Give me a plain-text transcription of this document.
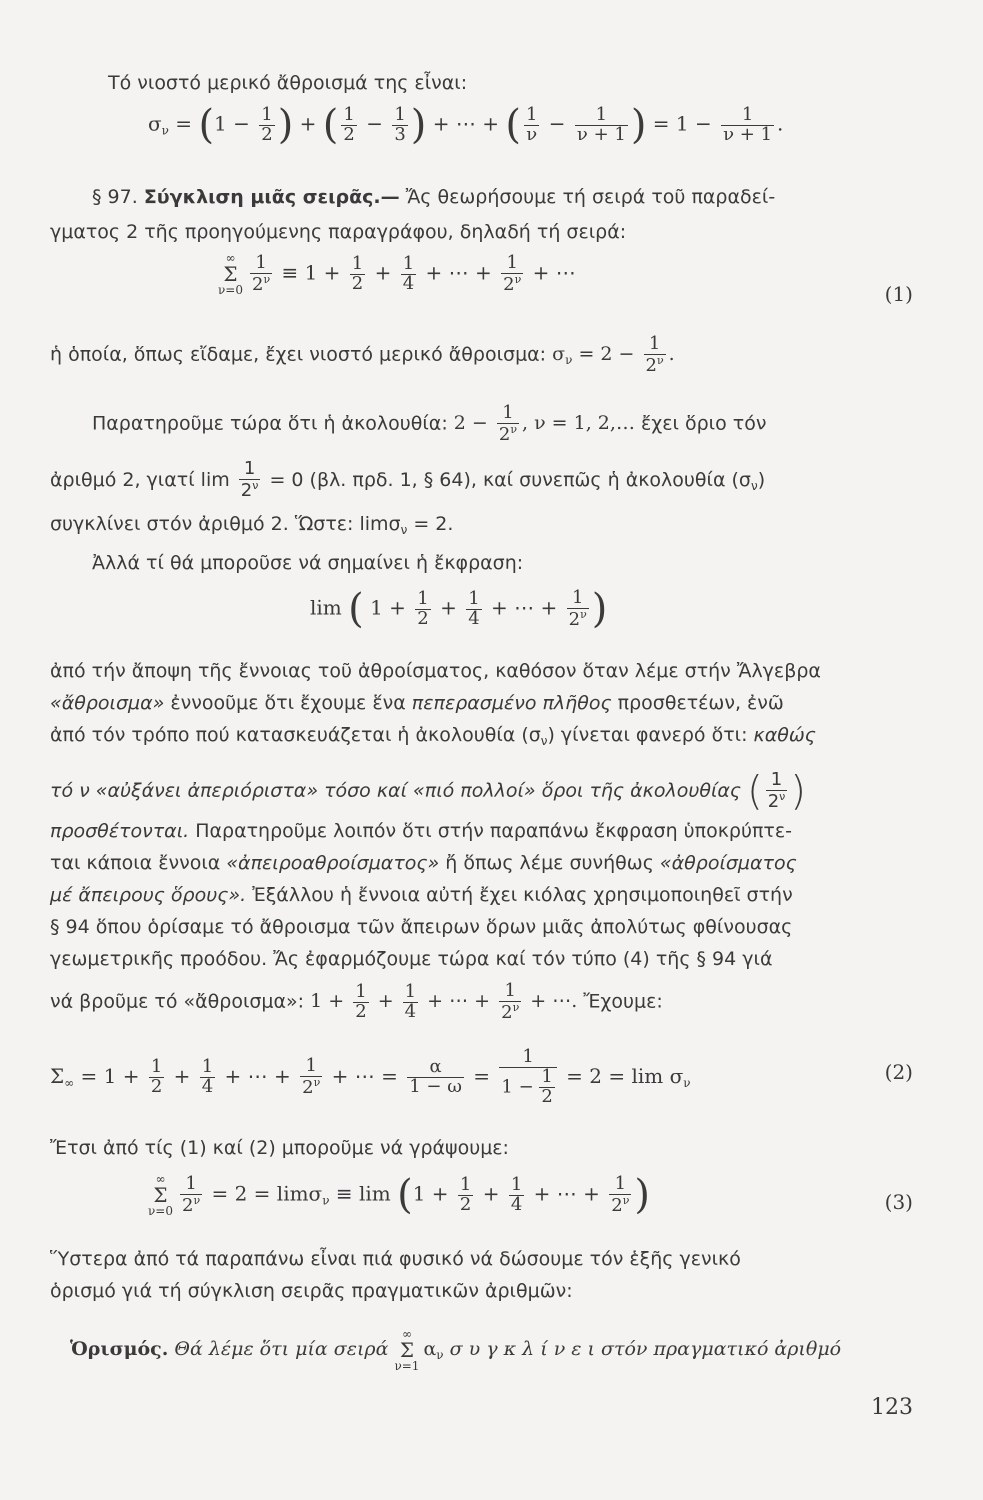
Τό νιοστό μερικό ἄθροισμά της εἶναι:
$\sigma_\nu = (1 - \frac{1}{2}$ ) + ( $\frac{1}{2} - \frac{1}{3}$ ) + ⋯ + ( $\frac{1}{\nu} - \frac{1}{\nu + 1}$ ) = $1 - \frac{1}{\nu + 1}$ .
§ 97. Σύγκλιση μιᾶς σειρᾶς.— Ἄς θεωρήσουμε τή σειρά τοῦ παραδεί-
γματος 2 τῆς προηγούμενης παραγράφου, δηλαδή τή σειρά:
∞
Σ
$\nu=0 \frac{1}{2^\nu} \equiv 1 + \frac{1}{2} + \frac{1}{4}$ + ⋯ + $\frac{1}{2^\nu}$ + ⋯
(1)
ἡ ὁποία, ὅπως εἴδαμε, ἔχει νιοστό μερικό ἄθροισμα: $\sigma_\nu = 2 - \frac{1}{2^\nu}$ .
Παρατηροῦμε τώρα ὅτι ἡ ἀκολουθία: $2 - \frac{1}{2^\nu}$ , ν = 1, 2,… ἔχει ὅριο τόν
ἀριθμό 2, γιατί $\lim \frac{1}{2^\nu} = 0$ (βλ. πρδ. 1, § 64), καί συνεπῶς ἡ ἀκολουθία $(\sigma_\nu)$
συγκλίνει στόν ἀριθμό 2. Ὥστε: limσ$_\nu$ = 2.
Ἀλλά τί θά μποροῦσε νά σημαίνει ἡ ἔκφραση:
lim ( $1 + \frac{1}{2} + \frac{1}{4}$ + ⋯ + $\frac{1}{2^\nu}$ )
ἀπό τήν ἄποψη τῆς ἔννοιας τοῦ ἀθροίσματος, καθόσον ὅταν λέμε στήν Ἄλγεβρα
«ἄθροισμα» ἐννοοῦμε ὅτι ἔχουμε ἕνα πεπερασμένο πλῆθος προσθετέων, ἐνῶ
ἀπό τόν τρόπο πού κατασκευάζεται ἡ ἀκολουθία $(\sigma_\nu)$ γίνεται φανερό ὅτι: καθώς
τό ν «αὐξάνει ἀπεριόριστα» τόσο καί «πιό πολλοί» ὅροι τῆς ἀκολουθίας ( $\frac{1}{2^\nu}$ )
προσθέτονται. Παρατηροῦμε λοιπόν ὅτι στήν παραπάνω ἔκφραση ὑποκρύπτε-
ται κάποια ἔννοια «ἀπειροαθροίσματος» ἤ ὅπως λέμε συνήθως «ἀθροίσματος
μέ ἄπειρους ὅρους». Ἐξάλλου ἡ ἔννοια αὐτή ἔχει κιόλας χρησιμοποιηθεῖ στήν
§ 94 ὅπου ὁρίσαμε τό ἄθροισμα τῶν ἄπειρων ὅρων μιᾶς ἀπολύτως φθίνουσας
γεωμετρικῆς προόδου. Ἄς ἐφαρμόζουμε τώρα καί τόν τύπο (4) τῆς § 94 γιά
νά βροῦμε τό «ἄθροισμα»: $1 + \frac{1}{2} + \frac{1}{4}$ + ⋯ + $\frac{1}{2^\nu}$ + ⋯. Ἔχουμε:
$\Sigma_\infty = 1 + \frac{1}{2} + \frac{1}{4}$ + ⋯ + $\frac{1}{2^\nu}$ + ⋯ = $\frac{\alpha}{1 - \omega} = \frac{1}{1 - \frac{1}{2}} = 2 = \lim \sigma_\nu$	(2)
Ἔτσι ἀπό τίς (1) καί (2) μποροῦμε νά γράψουμε:
∞
Σ
$\nu=0 \frac{1}{2^\nu} = 2 = \lim\sigma_\nu \equiv \lim (1 + \frac{1}{2} + \frac{1}{4}$ + ⋯ + $\frac{1}{2^\nu}$ )	(3)
Ὕστερα ἀπό τά παραπάνω εἶναι πιά φυσικό νά δώσουμε τόν ἑξῆς γενικό
ὁρισμό γιά τή σύγκλιση σειρᾶς πραγματικῶν ἀριθμῶν:
Ὁρισμός. Θά λέμε ὅτι μία σειρά
∞
Σ
ν=1
$\alpha_\nu$ σ υ γ κ λ ί ν ε ι στόν πραγματικό ἀριθμό
123
